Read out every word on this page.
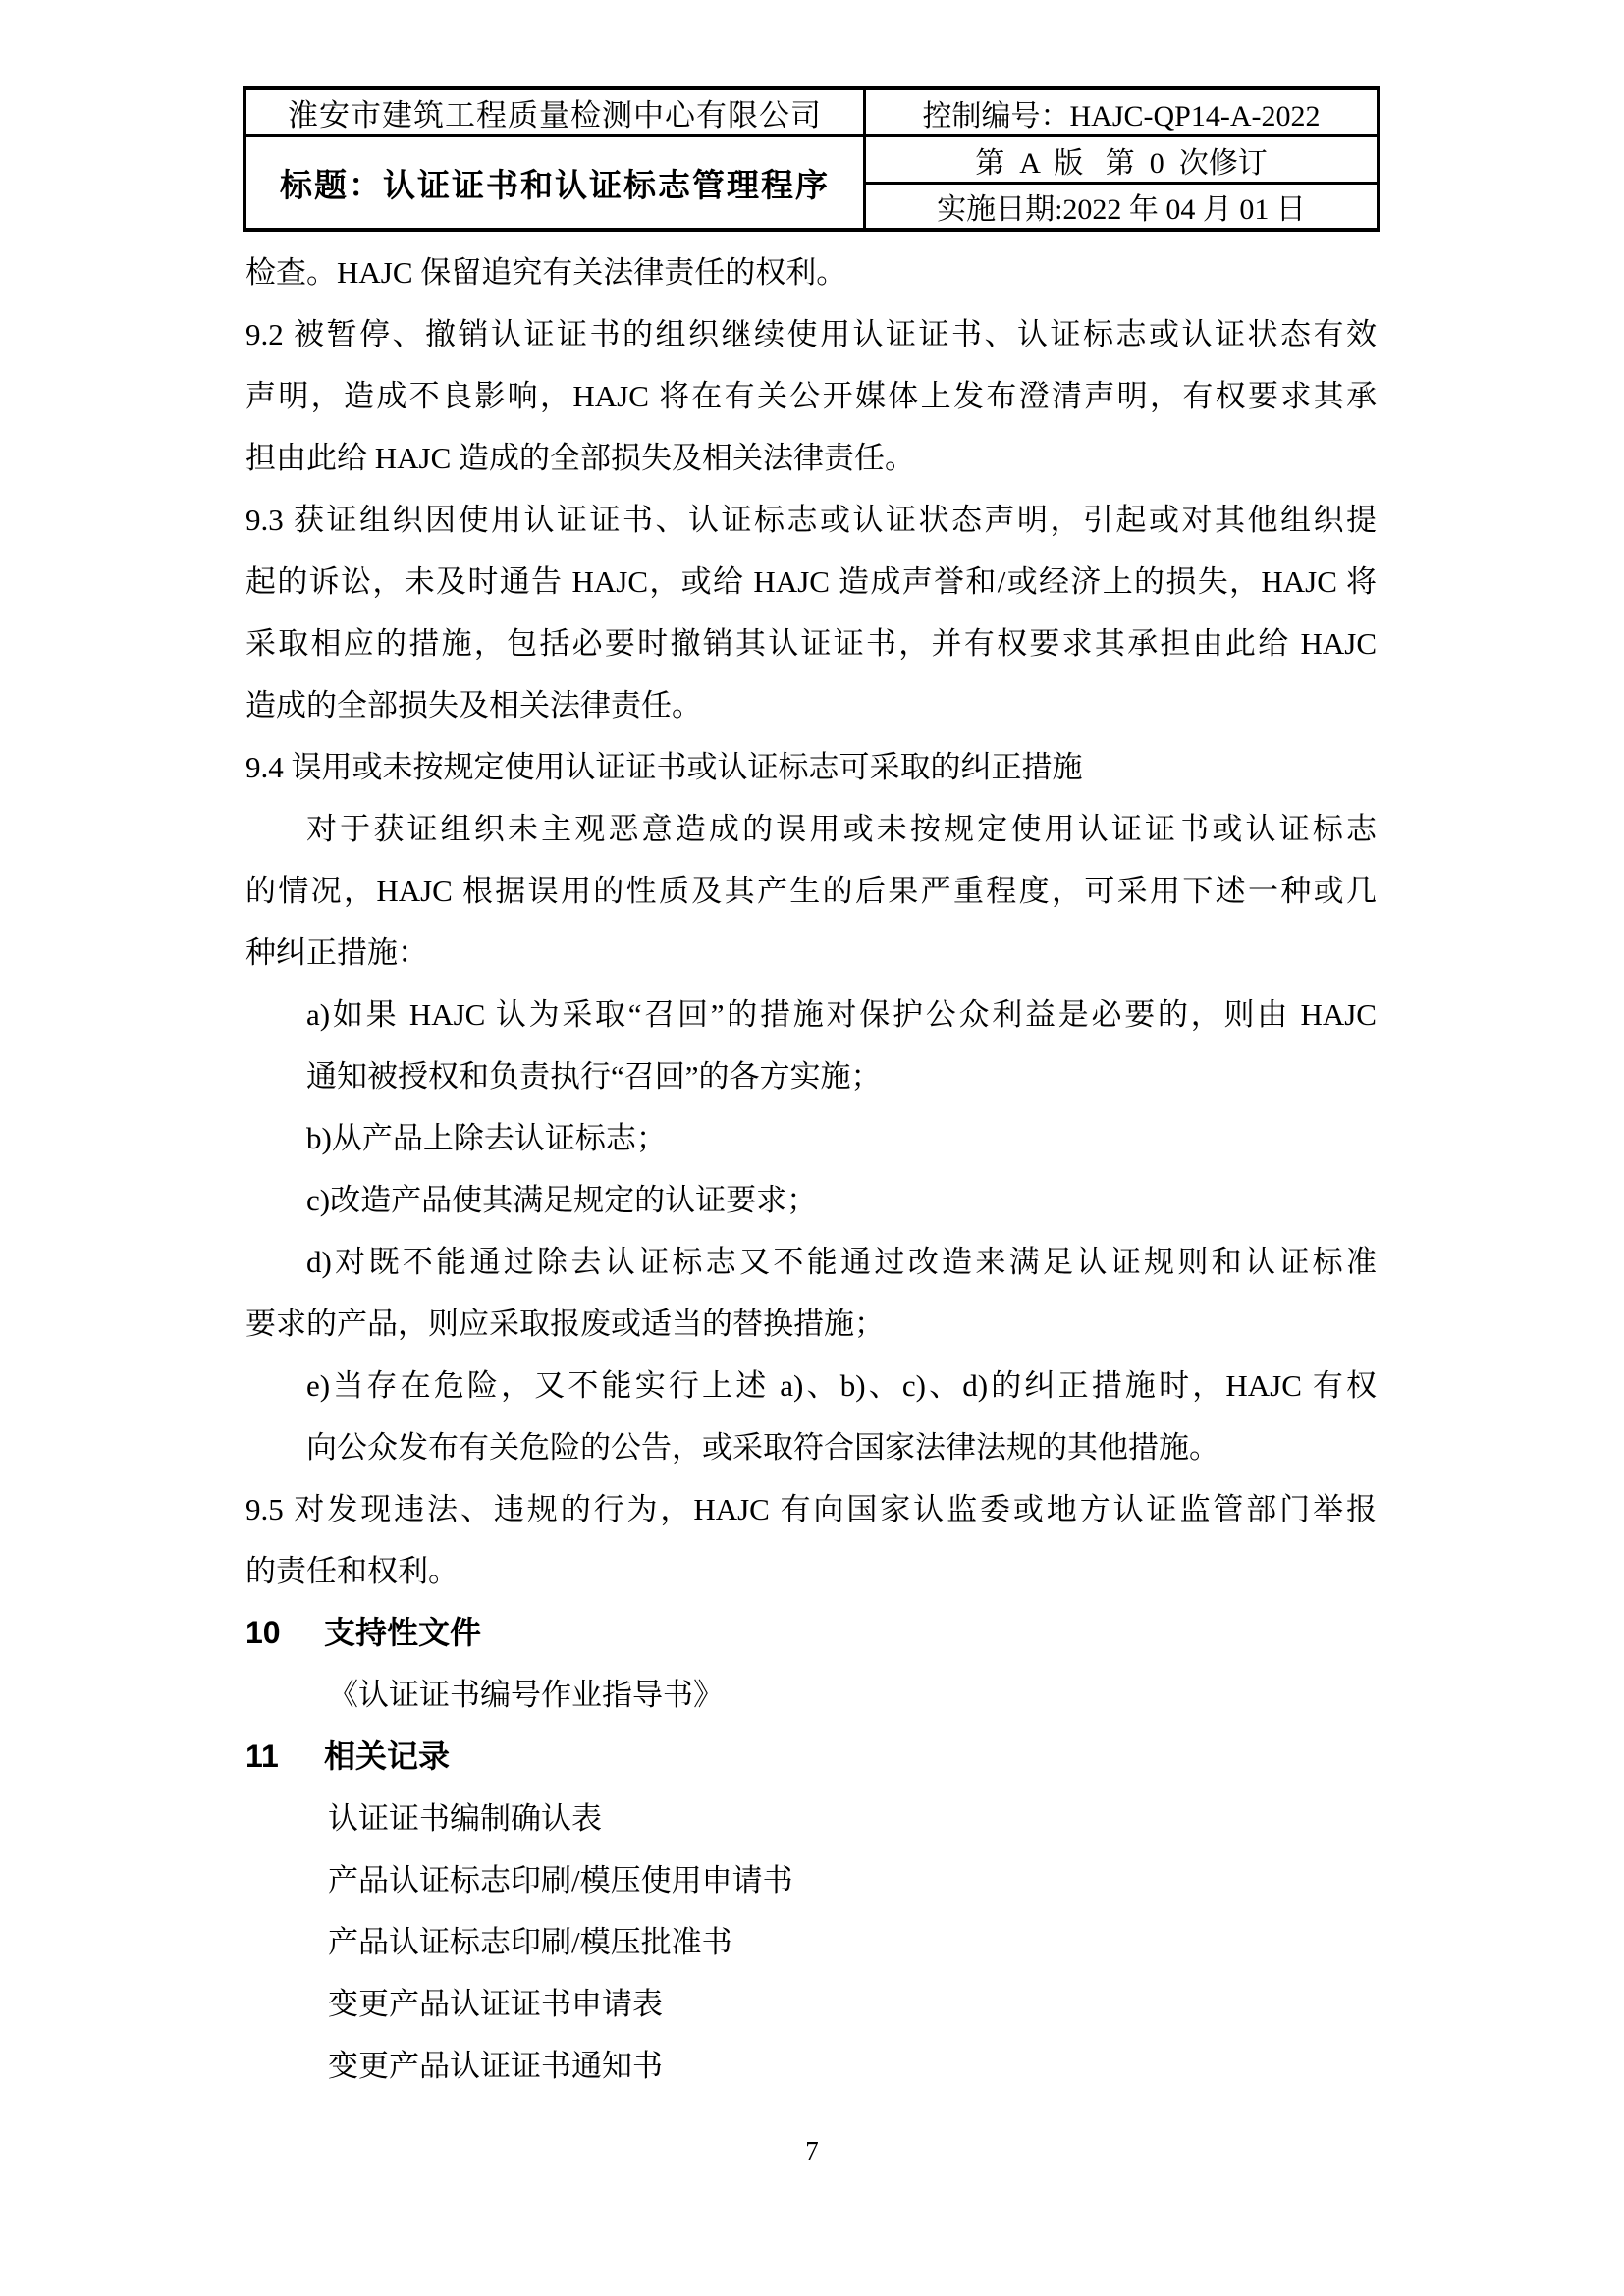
淮安市建筑工程质量检测中心有限公司	控制编号：HAJC-QP14-A-2022
标题：认证证书和认证标志管理程序	第  A  版   第  0  次修订
	实施日期:2022 年 04 月 01 日
检查。HAJC 保留追究有关法律责任的权利。
9.2 被暂停、撤销认证证书的组织继续使用认证证书、认证标志或认证状态有效
声明，造成不良影响，HAJC 将在有关公开媒体上发布澄清声明，有权要求其承
担由此给 HAJC 造成的全部损失及相关法律责任。
9.3 获证组织因使用认证证书、认证标志或认证状态声明，引起或对其他组织提
起的诉讼，未及时通告 HAJC，或给 HAJC 造成声誉和/或经济上的损失，HAJC 将
采取相应的措施，包括必要时撤销其认证证书，并有权要求其承担由此给 HAJC
造成的全部损失及相关法律责任。
9.4 误用或未按规定使用认证证书或认证标志可采取的纠正措施
对于获证组织未主观恶意造成的误用或未按规定使用认证证书或认证标志
的情况，HAJC 根据误用的性质及其产生的后果严重程度，可采用下述一种或几
种纠正措施：
a)如果 HAJC 认为采取“召回”的措施对保护公众利益是必要的，则由 HAJC
通知被授权和负责执行“召回”的各方实施；
b)从产品上除去认证标志；
c)改造产品使其满足规定的认证要求；
d)对既不能通过除去认证标志又不能通过改造来满足认证规则和认证标准
要求的产品，则应采取报废或适当的替换措施；
e)当存在危险，又不能实行上述 a)、b)、c)、d)的纠正措施时，HAJC 有权
向公众发布有关危险的公告，或采取符合国家法律法规的其他措施。
9.5 对发现违法、违规的行为，HAJC 有向国家认监委或地方认证监管部门举报
的责任和权利。
10 支持性文件
《认证证书编号作业指导书》
11 相关记录
认证证书编制确认表
产品认证标志印刷/模压使用申请书
产品认证标志印刷/模压批准书
变更产品认证证书申请表
变更产品认证证书通知书
7
